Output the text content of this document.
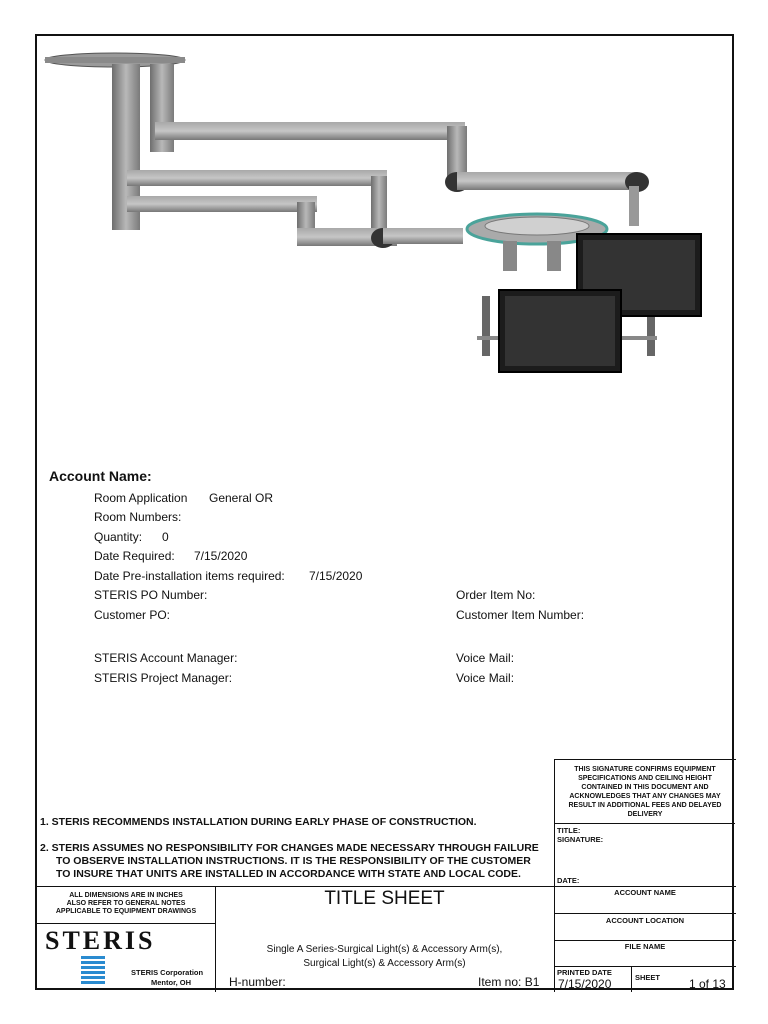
Account Name:
Room Application General OR
Room Numbers:
Quantity: 0
Date Required: 7/15/2020
Date Pre-installation items required: 7/15/2020
STERIS PO Number:
Customer PO:
Order Item No:
Customer Item Number:
STERIS Account Manager:
STERIS Project Manager:
Voice Mail:
Voice Mail:
1. STERIS RECOMMENDS INSTALLATION DURING EARLY PHASE OF CONSTRUCTION.
2. STERIS ASSUMES NO RESPONSIBILITY FOR CHANGES MADE NECESSARY THROUGH FAILURE
TO OBSERVE INSTALLATION INSTRUCTIONS. IT IS THE RESPONSIBILITY OF THE CUSTOMER
TO INSURE THAT UNITS ARE INSTALLED IN ACCORDANCE WITH STATE AND LOCAL CODE.
THIS SIGNATURE CONFIRMS EQUIPMENT
SPECIFICATIONS AND CEILING HEIGHT
CONTAINED IN THIS DOCUMENT AND
ACKNOWLEDGES THAT ANY CHANGES MAY
RESULT IN ADDITIONAL FEES AND DELAYED
DELIVERY
TITLE:
SIGNATURE:
DATE:
ALL DIMENSIONS ARE IN INCHES
ALSO REFER TO GENERAL NOTES
APPLICABLE TO EQUIPMENT DRAWINGS
STERIS
STERIS Corporation
Mentor, OH
TITLE SHEET
Single A Series-Surgical Light(s) & Accessory Arm(s),
Surgical Light(s) & Accessory Arm(s)
H-number:	Item no: B1
ACCOUNT NAME
ACCOUNT LOCATION
FILE NAME
PRINTED DATE
7/15/2020	SHEET 1 of 13
